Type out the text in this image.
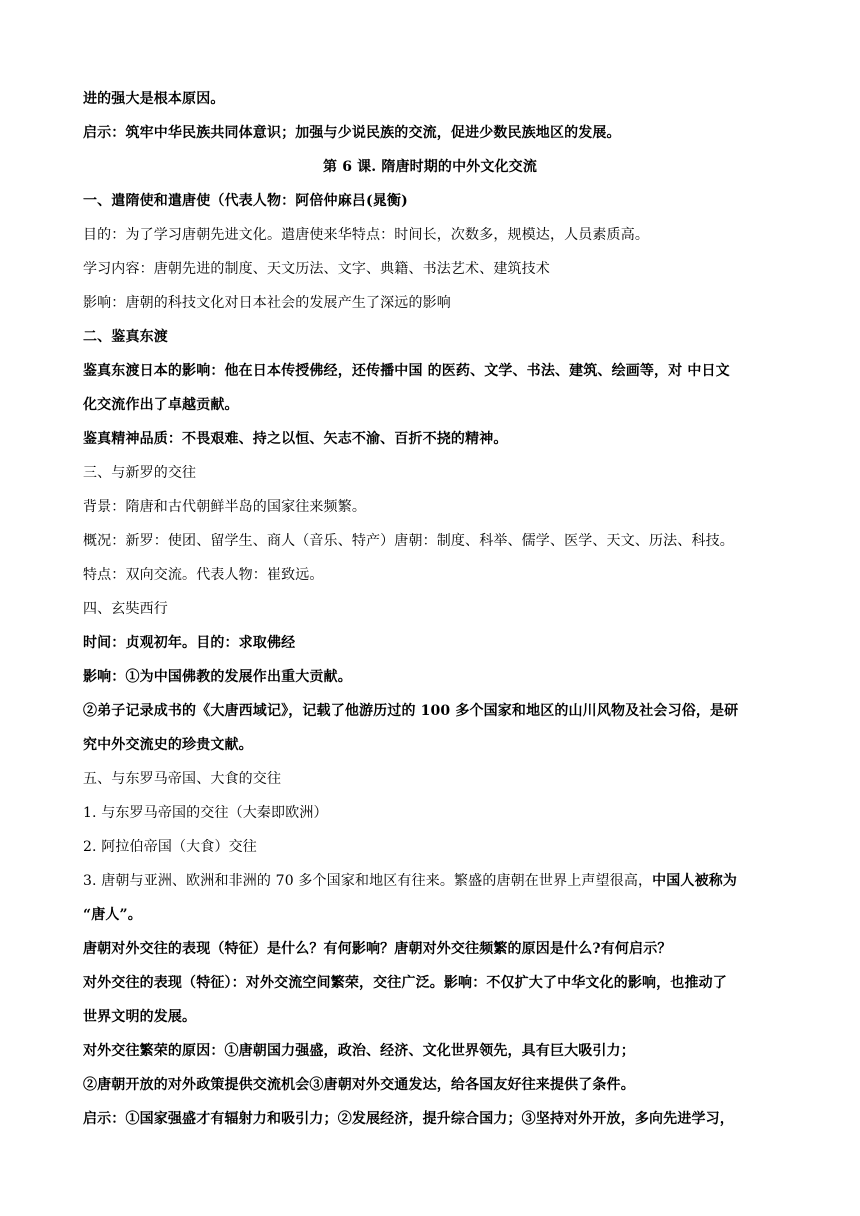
进的强大是根本原因。
启示：筑牢中华民族共同体意识；加强与少说民族的交流，促进少数民族地区的发展。
第 6 课. 隋唐时期的中外文化交流
一、遣隋使和遣唐使（代表人物：阿倍仲麻吕(晁衡)
目的：为了学习唐朝先进文化。遣唐使来华特点：时间长，次数多，规模达，人员素质高。
学习内容：唐朝先进的制度、天文历法、文字、典籍、书法艺术、建筑技术
影响：唐朝的科技文化对日本社会的发展产生了深远的影响
二、鉴真东渡
鉴真东渡日本的影响：他在日本传授佛经，还传播中国 的医药、文学、书法、建筑、绘画等，对 中日文
化交流作出了卓越贡献。
鉴真精神品质：不畏艰难、持之以恒、矢志不渝、百折不挠的精神。
三、与新罗的交往
背景：隋唐和古代朝鲜半岛的国家往来频繁。
概况：新罗：使团、留学生、商人（音乐、特产）唐朝：制度、科举、儒学、医学、天文、历法、科技。
特点：双向交流。代表人物：崔致远。
四、玄奘西行
时间：贞观初年。目的：求取佛经
影响：①为中国佛教的发展作出重大贡献。
②弟子记录成书的《大唐西域记》，记载了他游历过的 100 多个国家和地区的山川风物及社会习俗，是研
究中外交流史的珍贵文献。
五、与东罗马帝国、大食的交往
1. 与东罗马帝国的交往（大秦即欧洲）
2. 阿拉伯帝国（大食）交往
3. 唐朝与亚洲、欧洲和非洲的 70 多个国家和地区有往来。繁盛的唐朝在世界上声望很高，中国人被称为
“唐人”。
唐朝对外交往的表现（特征）是什么？有何影响？唐朝对外交往频繁的原因是什么?有何启示？
对外交往的表现（特征）：对外交流空间繁荣，交往广泛。影响：不仅扩大了中华文化的影响，也推动了
世界文明的发展。
对外交往繁荣的原因：①唐朝国力强盛，政治、经济、文化世界领先，具有巨大吸引力；
②唐朝开放的对外政策提供交流机会③唐朝对外交通发达，给各国友好往来提供了条件。
启示：①国家强盛才有辐射力和吸引力；②发展经济，提升综合国力；③坚持对外开放，多向先进学习，
